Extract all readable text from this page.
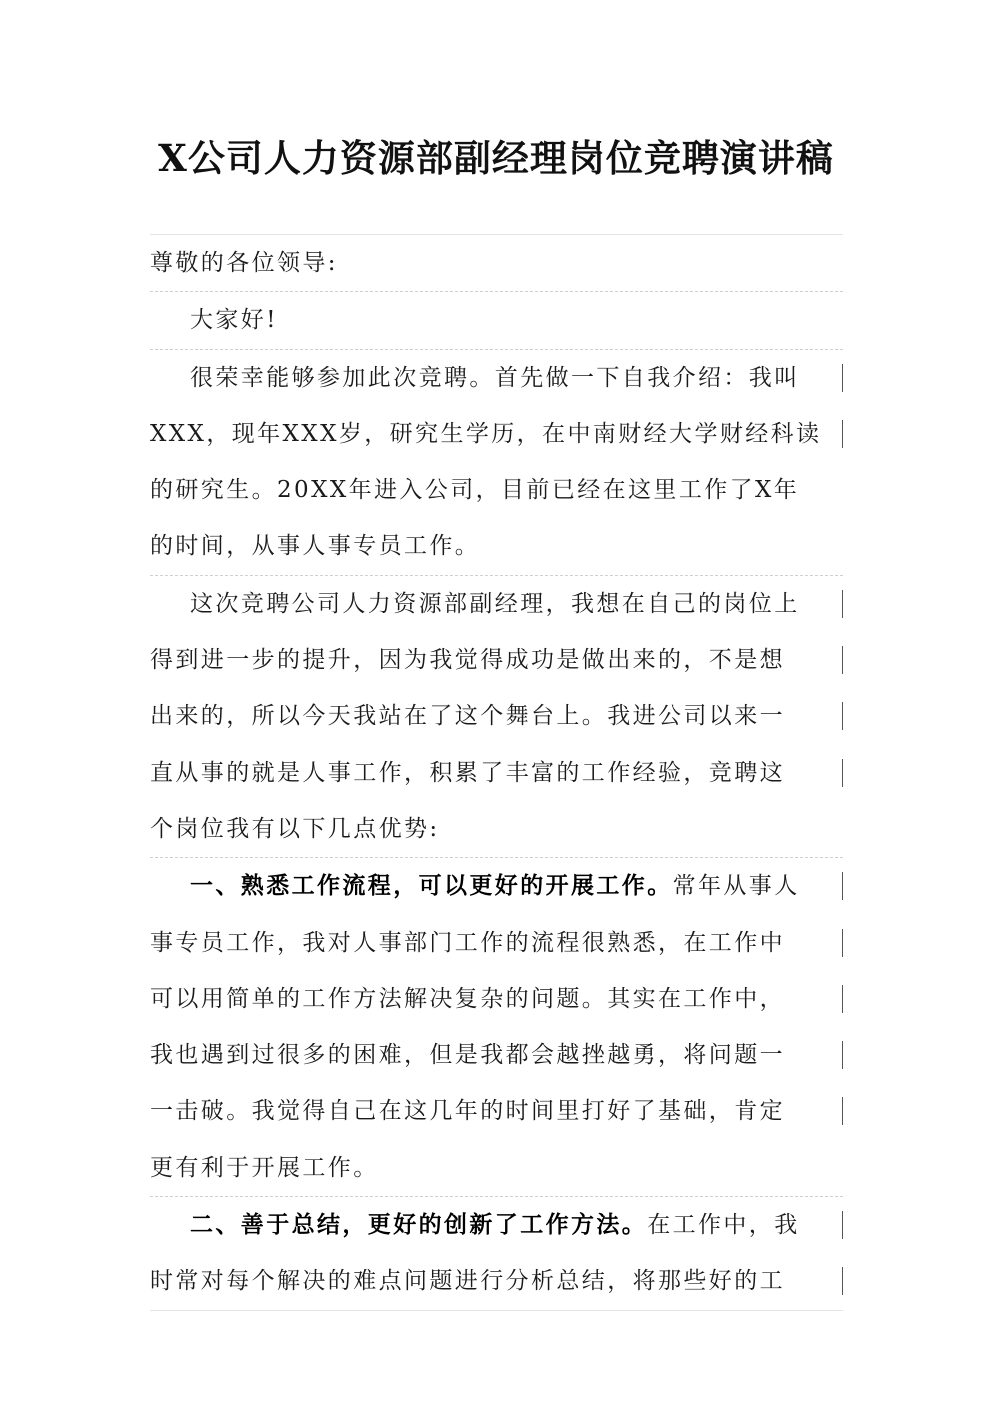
X公司人力资源部副经理岗位竞聘演讲稿
尊敬的各位领导:
大家好!
很荣幸能够参加此次竞聘。首先做一下自我介绍：我叫
XXX，现年XXX岁，研究生学历，在中南财经大学财经科读
的研究生。20XX年进入公司，目前已经在这里工作了X年
的时间，从事人事专员工作。
这次竞聘公司人力资源部副经理，我想在自己的岗位上
得到进一步的提升，因为我觉得成功是做出来的，不是想
出来的，所以今天我站在了这个舞台上。我进公司以来一
直从事的就是人事工作，积累了丰富的工作经验，竞聘这
个岗位我有以下几点优势:
一、熟悉工作流程，可以更好的开展工作。常年从事人
事专员工作，我对人事部门工作的流程很熟悉，在工作中
可以用简单的工作方法解决复杂的问题。其实在工作中，
我也遇到过很多的困难，但是我都会越挫越勇，将问题一
一击破。我觉得自己在这几年的时间里打好了基础，肯定
更有利于开展工作。
二、善于总结，更好的创新了工作方法。在工作中，我
时常对每个解决的难点问题进行分析总结，将那些好的工
